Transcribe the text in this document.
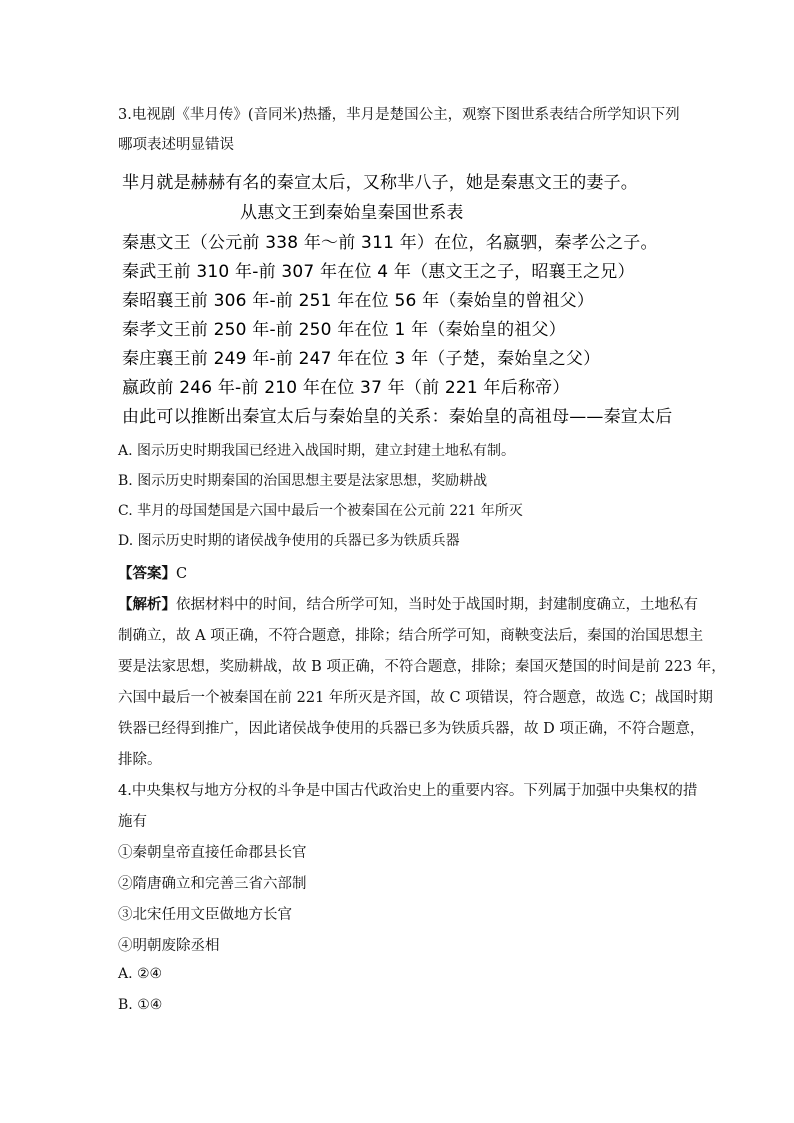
3.电视剧《芈月传》(音同米)热播，芈月是楚国公主，观察下图世系表结合所学知识下列
哪项表述明显错误
芈月就是赫赫有名的秦宣太后，又称芈八子，她是秦惠文王的妻子。
从惠文王到秦始皇秦国世系表
秦惠文王（公元前 338 年～前 311 年）在位，名嬴驷，秦孝公之子。
秦武王前 310 年-前 307 年在位 4 年（惠文王之子，昭襄王之兄）
秦昭襄王前 306 年-前 251 年在位 56 年（秦始皇的曾祖父）
秦孝文王前 250 年-前 250 年在位 1 年（秦始皇的祖父）
秦庄襄王前 249 年-前 247 年在位 3 年（子楚，秦始皇之父）
嬴政前 246 年-前 210 年在位 37 年（前 221 年后称帝）
由此可以推断出秦宣太后与秦始皇的关系：秦始皇的高祖母——秦宣太后
A. 图示历史时期我国已经进入战国时期，建立封建土地私有制。
B. 图示历史时期秦国的治国思想主要是法家思想，奖励耕战
C. 芈月的母国楚国是六国中最后一个被秦国在公元前 221 年所灭
D. 图示历史时期的诸侯战争使用的兵器已多为铁质兵器
【答案】C
【解析】依据材料中的时间，结合所学可知，当时处于战国时期，封建制度确立，土地私有
制确立，故 A 项正确，不符合题意，排除；结合所学可知，商鞅变法后，秦国的治国思想主
要是法家思想，奖励耕战，故 B 项正确，不符合题意，排除；秦国灭楚国的时间是前 223 年，
六国中最后一个被秦国在前 221 年所灭是齐国，故 C 项错误，符合题意，故选 C；战国时期
铁器已经得到推广，因此诸侯战争使用的兵器已多为铁质兵器，故 D 项正确，不符合题意，
排除。
4.中央集权与地方分权的斗争是中国古代政治史上的重要内容。下列属于加强中央集权的措
施有
①秦朝皇帝直接任命郡县长官
②隋唐确立和完善三省六部制
③北宋任用文臣做地方长官
④明朝废除丞相
A. ②④
B. ①④
